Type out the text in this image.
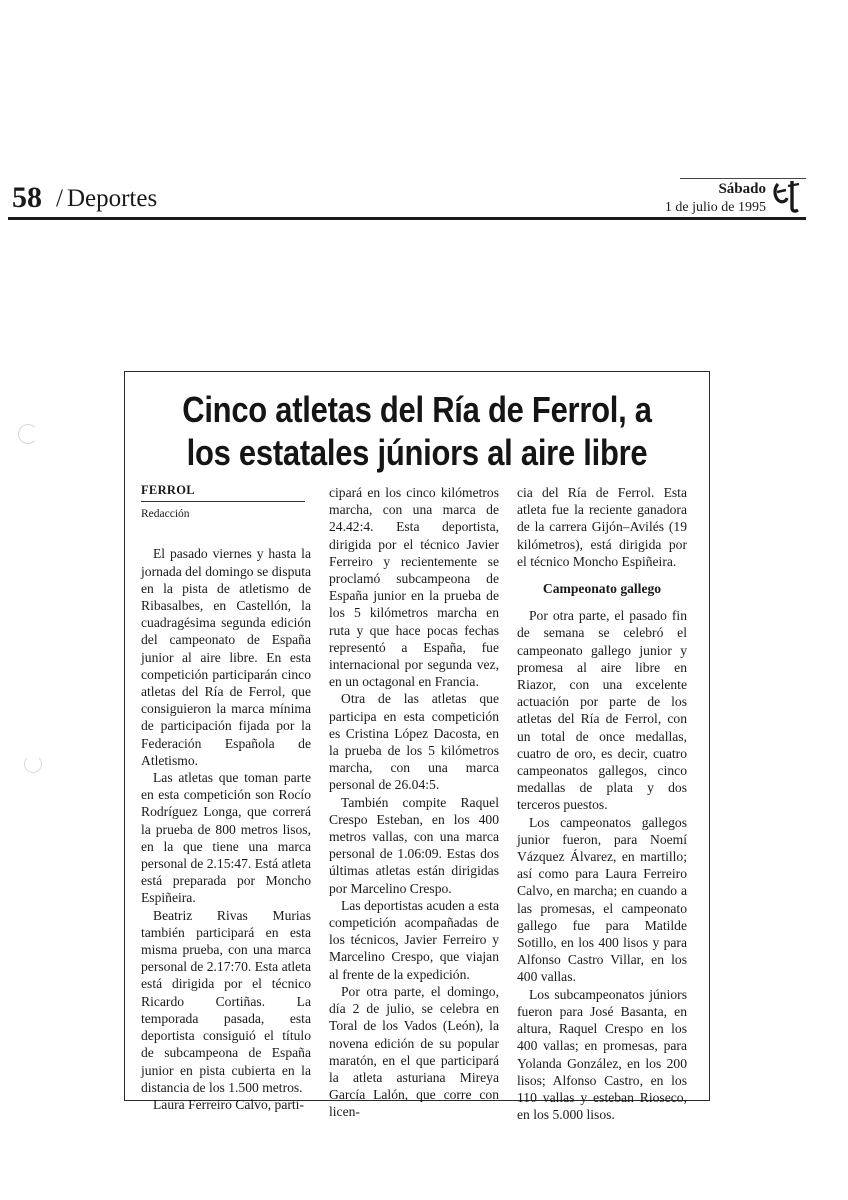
58 / Deportes	Sábado
1 de julio de 1995
Cinco atletas del Ría de Ferrol, a los estatales júniors al aire libre
FERROL
Redacción

El pasado viernes y hasta la jornada del domingo se disputa en la pista de atletismo de Ribasalbes, en Castellón, la cuadragésima segunda edición del campeonato de España junior al aire libre. En esta competición participarán cinco atletas del Ría de Ferrol, que consiguieron la marca mínima de participación fijada por la Federación Española de Atletismo.

Las atletas que toman parte en esta competición son Rocío Rodríguez Longa, que correrá la prueba de 800 metros lisos, en la que tiene una marca personal de 2.15:47. Está atleta está preparada por Moncho Espiñeira.

Beatriz Rivas Murias también participará en esta misma prueba, con una marca personal de 2.17:70. Esta atleta está dirigida por el técnico Ricardo Cortiñas. La temporada pasada, esta deportista consiguió el título de subcampeona de España junior en pista cubierta en la distancia de los 1.500 metros.

Laura Ferreiro Calvo, parti-

cipará en los cinco kilómetros marcha, con una marca de 24.42:4. Esta deportista, dirigida por el técnico Javier Ferreiro y recientemente se proclamó subcampeona de España junior en la prueba de los 5 kilómetros marcha en ruta y que hace pocas fechas representó a España, fue internacional por segunda vez, en un octagonal en Francia.

Otra de las atletas que participa en esta competición es Cristina López Dacosta, en la prueba de los 5 kilómetros marcha, con una marca personal de 26.04:5.

También compite Raquel Crespo Esteban, en los 400 metros vallas, con una marca personal de 1.06:09. Estas dos últimas atletas están dirigidas por Marcelino Crespo.

Las deportistas acuden a esta competición acompañadas de los técnicos, Javier Ferreiro y Marcelino Crespo, que viajan al frente de la expedición.

Por otra parte, el domingo, día 2 de julio, se celebra en Toral de los Vados (León), la novena edición de su popular maratón, en el que participará la atleta asturiana Mireya García Lalón, que corre con licen-

cia del Ría de Ferrol. Esta atleta fue la reciente ganadora de la carrera Gijón–Avilés (19 kilómetros), está dirigida por el técnico Moncho Espiñeira.

Campeonato gallego

Por otra parte, el pasado fin de semana se celebró el campeonato gallego junior y promesa al aire libre en Riazor, con una excelente actuación por parte de los atletas del Ría de Ferrol, con un total de once medallas, cuatro de oro, es decir, cuatro campeonatos gallegos, cinco medallas de plata y dos terceros puestos.

Los campeonatos gallegos junior fueron, para Noemí Vázquez Álvarez, en martillo; así como para Laura Ferreiro Calvo, en marcha; en cuando a las promesas, el campeonato gallego fue para Matilde Sotillo, en los 400 lisos y para Alfonso Castro Villar, en los 400 vallas.

Los subcampeonatos júniors fueron para José Basanta, en altura, Raquel Crespo en los 400 vallas; en promesas, para Yolanda González, en los 200 lisos; Alfonso Castro, en los 110 vallas y esteban Rioseco, en los 5.000 lisos.
